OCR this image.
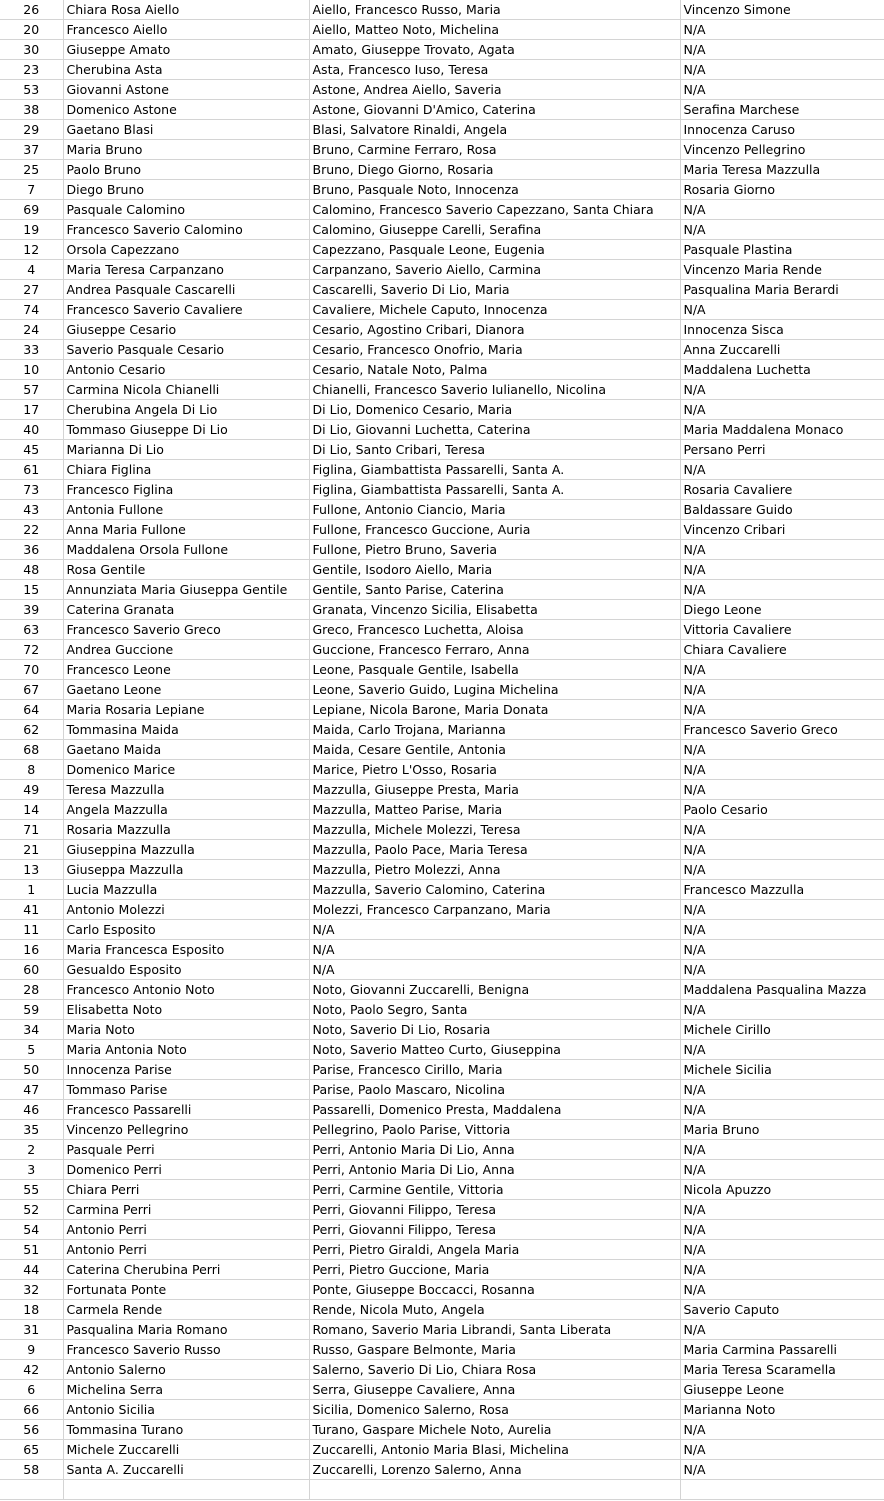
26	Chiara Rosa Aiello	Aiello, Francesco Russo, Maria	Vincenzo Simone
20	Francesco Aiello	Aiello, Matteo Noto, Michelina	N/A
30	Giuseppe Amato	Amato, Giuseppe Trovato, Agata	N/A
23	Cherubina Asta	Asta, Francesco Iuso, Teresa	N/A
53	Giovanni Astone	Astone, Andrea Aiello, Saveria	N/A
38	Domenico Astone	Astone, Giovanni D'Amico, Caterina	Serafina Marchese
29	Gaetano Blasi	Blasi, Salvatore Rinaldi, Angela	Innocenza Caruso
37	Maria Bruno	Bruno, Carmine Ferraro, Rosa	Vincenzo Pellegrino
25	Paolo Bruno	Bruno, Diego Giorno, Rosaria	Maria Teresa Mazzulla
7	Diego Bruno	Bruno, Pasquale Noto, Innocenza	Rosaria Giorno
69	Pasquale Calomino	Calomino, Francesco Saverio Capezzano, Santa Chiara	N/A
19	Francesco Saverio Calomino	Calomino, Giuseppe Carelli, Serafina	N/A
12	Orsola Capezzano	Capezzano, Pasquale Leone, Eugenia	Pasquale Plastina
4	Maria Teresa Carpanzano	Carpanzano, Saverio Aiello, Carmina	Vincenzo Maria Rende
27	Andrea Pasquale Cascarelli	Cascarelli, Saverio Di Lio, Maria	Pasqualina Maria Berardi
74	Francesco Saverio Cavaliere	Cavaliere, Michele Caputo, Innocenza	N/A
24	Giuseppe Cesario	Cesario, Agostino Cribari, Dianora	Innocenza Sisca
33	Saverio Pasquale Cesario	Cesario, Francesco Onofrio, Maria	Anna Zuccarelli
10	Antonio Cesario	Cesario, Natale Noto, Palma	Maddalena Luchetta
57	Carmina Nicola Chianelli	Chianelli, Francesco Saverio Iulianello, Nicolina	N/A
17	Cherubina Angela Di Lio	Di Lio, Domenico Cesario, Maria	N/A
40	Tommaso Giuseppe Di Lio	Di Lio, Giovanni Luchetta, Caterina	Maria Maddalena Monaco
45	Marianna Di Lio	Di Lio, Santo Cribari, Teresa	Persano Perri
61	Chiara Figlina	Figlina, Giambattista Passarelli, Santa A.	N/A
73	Francesco Figlina	Figlina, Giambattista Passarelli, Santa A.	Rosaria Cavaliere
43	Antonia Fullone	Fullone, Antonio Ciancio, Maria	Baldassare Guido
22	Anna Maria Fullone	Fullone, Francesco Guccione, Auria	Vincenzo Cribari
36	Maddalena Orsola Fullone	Fullone, Pietro Bruno, Saveria	N/A
48	Rosa Gentile	Gentile, Isodoro Aiello, Maria	N/A
15	Annunziata Maria Giuseppa Gentile	Gentile, Santo Parise, Caterina	N/A
39	Caterina Granata	Granata, Vincenzo Sicilia, Elisabetta	Diego Leone
63	Francesco Saverio Greco	Greco, Francesco Luchetta, Aloisa	Vittoria Cavaliere
72	Andrea Guccione	Guccione, Francesco Ferraro, Anna	Chiara Cavaliere
70	Francesco Leone	Leone, Pasquale Gentile, Isabella	N/A
67	Gaetano Leone	Leone, Saverio Guido, Lugina Michelina	N/A
64	Maria Rosaria Lepiane	Lepiane, Nicola Barone, Maria Donata	N/A
62	Tommasina Maida	Maida, Carlo Trojana, Marianna	Francesco Saverio Greco
68	Gaetano Maida	Maida, Cesare Gentile, Antonia	N/A
8	Domenico Marice	Marice, Pietro L'Osso, Rosaria	N/A
49	Teresa Mazzulla	Mazzulla, Giuseppe Presta, Maria	N/A
14	Angela Mazzulla	Mazzulla, Matteo Parise, Maria	Paolo Cesario
71	Rosaria Mazzulla	Mazzulla, Michele Molezzi, Teresa	N/A
21	Giuseppina Mazzulla	Mazzulla, Paolo Pace, Maria Teresa	N/A
13	Giuseppa Mazzulla	Mazzulla, Pietro Molezzi, Anna	N/A
1	Lucia Mazzulla	Mazzulla, Saverio Calomino, Caterina	Francesco Mazzulla
41	Antonio Molezzi	Molezzi, Francesco Carpanzano, Maria	N/A
11	Carlo Esposito	N/A	N/A
16	Maria Francesca Esposito	N/A	N/A
60	Gesualdo Esposito	N/A	N/A
28	Francesco Antonio Noto	Noto, Giovanni Zuccarelli, Benigna	Maddalena Pasqualina Mazza
59	Elisabetta Noto	Noto, Paolo Segro, Santa	N/A
34	Maria Noto	Noto, Saverio Di Lio, Rosaria	Michele Cirillo
5	Maria Antonia Noto	Noto, Saverio Matteo Curto, Giuseppina	N/A
50	Innocenza Parise	Parise, Francesco Cirillo, Maria	Michele Sicilia
47	Tommaso Parise	Parise, Paolo Mascaro, Nicolina	N/A
46	Francesco Passarelli	Passarelli, Domenico Presta, Maddalena	N/A
35	Vincenzo Pellegrino	Pellegrino, Paolo Parise, Vittoria	Maria Bruno
2	Pasquale Perri	Perri, Antonio Maria Di Lio, Anna	N/A
3	Domenico Perri	Perri, Antonio Maria Di Lio, Anna	N/A
55	Chiara Perri	Perri, Carmine Gentile, Vittoria	Nicola Apuzzo
52	Carmina Perri	Perri, Giovanni Filippo, Teresa	N/A
54	Antonio Perri	Perri, Giovanni Filippo, Teresa	N/A
51	Antonio Perri	Perri, Pietro Giraldi, Angela Maria	N/A
44	Caterina Cherubina Perri	Perri, Pietro Guccione, Maria	N/A
32	Fortunata Ponte	Ponte, Giuseppe Boccacci, Rosanna	N/A
18	Carmela Rende	Rende, Nicola Muto, Angela	Saverio Caputo
31	Pasqualina Maria Romano	Romano, Saverio Maria Librandi, Santa Liberata	N/A
9	Francesco Saverio Russo	Russo, Gaspare Belmonte, Maria	Maria Carmina Passarelli
42	Antonio Salerno	Salerno, Saverio Di Lio, Chiara Rosa	Maria Teresa Scaramella
6	Michelina Serra	Serra, Giuseppe Cavaliere, Anna	Giuseppe Leone
66	Antonio Sicilia	Sicilia, Domenico Salerno, Rosa	Marianna Noto
56	Tommasina Turano	Turano, Gaspare Michele Noto, Aurelia	N/A
65	Michele Zuccarelli	Zuccarelli, Antonio Maria Blasi, Michelina	N/A
58	Santa A. Zuccarelli	Zuccarelli, Lorenzo Salerno, Anna	N/A
